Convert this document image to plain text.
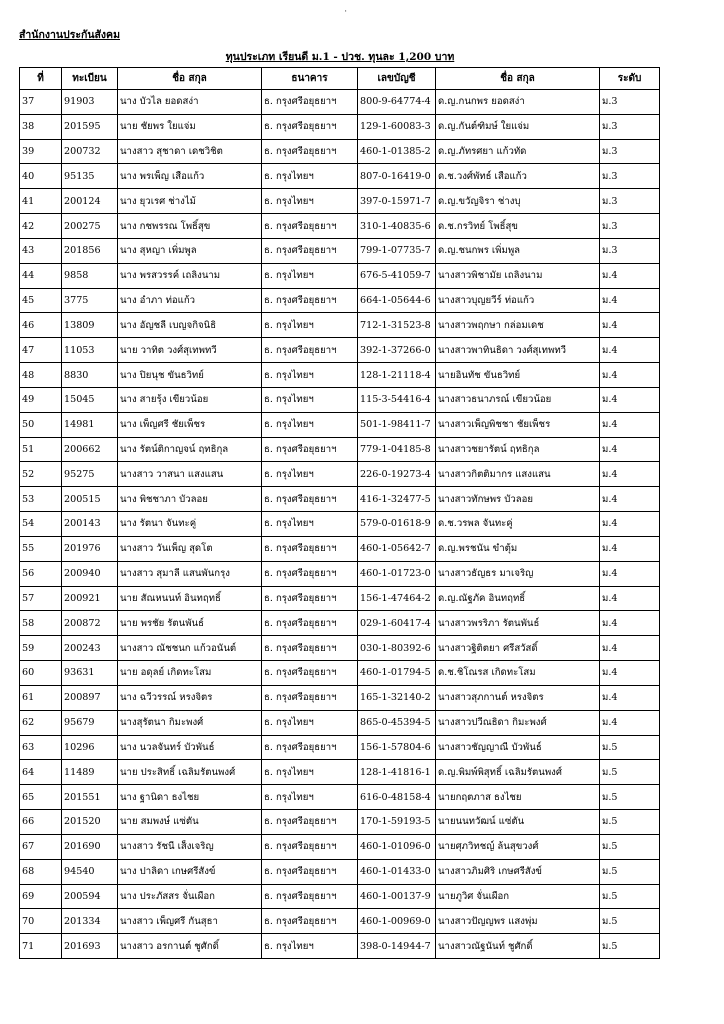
'
สำนักงานประกันสังคม
ทุนประเภท เรียนดี ม.1 - ปวช. ทุนละ 1,200 บาท
ที่	ทะเบียน	ชื่อ สกุล	ธนาคาร	เลขบัญชี	ชื่อ สกุล	ระดับ
37	91903	นาง บัวไล ยอดสง่า	ธ. กรุงศรีอยุธยาฯ	800-9-64774-4	ด.ญ.กนกพร ยอดสง่า	ม.3
38	201595	นาย ชัยพร ใยแจ่ม	ธ. กรุงศรีอยุธยาฯ	129-1-60083-3	ด.ญ.กันต์ฑิมษ์ ใยแจ่ม	ม.3
39	200732	นางสาว สุชาดา เดชวิชิต	ธ. กรุงศรีอยุธยาฯ	460-1-01385-2	ด.ญ.ภัทรศยา แก้วทัด	ม.3
40	95135	นาง พรเพ็ญ เสือแก้ว	ธ. กรุงไทยฯ	807-0-16419-0	ด.ช.วงศ์พัทธ์ เสือแก้ว	ม.3
41	200124	นาง ยุวเรศ ช่างไม้	ธ. กรุงไทยฯ	397-0-15971-7	ด.ญ.ขวัญจิรา ช่างบุ	ม.3
42	200275	นาง กชพรรณ โพธิ์สุข	ธ. กรุงศรีอยุธยาฯ	310-1-40835-6	ด.ช.กรวิทย์ โพธิ์สุข	ม.3
43	201856	นาง สุหญา เพิ่มพูล	ธ. กรุงศรีอยุธยาฯ	799-1-07735-7	ด.ญ.ชนกพร เพิ่มพูล	ม.3
44	9858	นาง พรสวรรค์ เถลิงนาม	ธ. กรุงไทยฯ	676-5-41059-7	นางสาวพิชามัย เถลิงนาม	ม.4
45	3775	นาง อำภา ท่อแก้ว	ธ. กรุงศรีอยุธยาฯ	664-1-05644-6	นางสาวบุญยวีร์ ท่อแก้ว	ม.4
46	13809	นาง อัญชลี เบญจกิจนิธิ	ธ. กรุงไทยฯ	712-1-31523-8	นางสาวพฤกษา กล่อมเดช	ม.4
47	11053	นาย วาทิต วงศ์สุเทพทวี	ธ. กรุงศรีอยุธยาฯ	392-1-37266-0	นางสาวพาทินธิดา วงศ์สุเทพทวี	ม.4
48	8830	นาง ปิยนุช ขันธวิทย์	ธ. กรุงไทยฯ	128-1-21118-4	นายอินทัช ขันธวิทย์	ม.4
49	15045	นาง สายรุ้ง เขียวน้อย	ธ. กรุงไทยฯ	115-3-54416-4	นางสาวธนาภรณ์ เขียวน้อย	ม.4
50	14981	นาง เพ็ญศรี ชัยเพ็ชร	ธ. กรุงไทยฯ	501-1-98411-7	นางสาวเพ็ญพิชชา ชัยเพ็ชร	ม.4
51	200662	นาง รัตน์ติกาญจน์ ฤทธิกุล	ธ. กรุงศรีอยุธยาฯ	779-1-04185-8	นางสาวชยารัตน์ ฤทธิกุล	ม.4
52	95275	นางสาว วาสนา แสงแสน	ธ. กรุงไทยฯ	226-0-19273-4	นางสาวกิตติมากร แสงแสน	ม.4
53	200515	นาง พิชชาภา บัวลอย	ธ. กรุงศรีอยุธยาฯ	416-1-32477-5	นางสาวทักษพร บัวลอย	ม.4
54	200143	นาง รัตนา จันทะคู่	ธ. กรุงไทยฯ	579-0-01618-9	ด.ช.วรพล จันทะคู่	ม.4
55	201976	นางสาว วันเพ็ญ สุดโต	ธ. กรุงศรีอยุธยาฯ	460-1-05642-7	ด.ญ.พรชนัน ขำตุ้ม	ม.4
56	200940	นางสาว สุมาลี แสนพันกรุง	ธ. กรุงศรีอยุธยาฯ	460-1-01723-0	นางสาวธัญธร มาเจริญ	ม.4
57	200921	นาย สัณหนนท์ อินทฤทธิ์	ธ. กรุงศรีอยุธยาฯ	156-1-47464-2	ด.ญ.ณัฐภัค อินทฤทธิ์	ม.4
58	200872	นาย พรชัย รัตนพันธ์	ธ. กรุงศรีอยุธยาฯ	029-1-60417-4	นางสาวพรริภา รัตนพันธ์	ม.4
59	200243	นางสาว ณัชชนก แก้วอนันต์	ธ. กรุงศรีอยุธยาฯ	030-1-80392-6	นางสาวฐิติตยา ศรีสวัสดิ์	ม.4
60	93631	นาย อดุลย์ เกิดทะโสม	ธ. กรุงศรีอยุธยาฯ	460-1-01794-5	ด.ช.ชิโณรส เกิดทะโสม	ม.4
61	200897	นาง ฉวีวรรณ์ หรงจิตร	ธ. กรุงศรีอยุธยาฯ	165-1-32140-2	นางสาวสุภกานต์ หรงจิตร	ม.4
62	95679	นางสุรัตนา กิมะพงศ์	ธ. กรุงไทยฯ	865-0-45394-5	นางสาวปวีณธิดา กิมะพงศ์	ม.4
63	10296	นาง นวลจันทร์ บัวพันธ์	ธ. กรุงศรีอยุธยาฯ	156-1-57804-6	นางสาวชัญญาณี บัวพันธ์	ม.5
64	11489	นาย ประสิทธิ์ เฉลิมรัตนพงศ์	ธ. กรุงไทยฯ	128-1-41816-1	ด.ญ.พิมพ์พิสุทธิ์ เฉลิมรัตนพงศ์	ม.5
65	201551	นาง ฐานิดา ธงไชย	ธ. กรุงไทยฯ	616-0-48158-4	นายกฤตภาส ธงไชย	ม.5
66	201520	นาย สมพงษ์ แซ่ตัน	ธ. กรุงศรีอยุธยาฯ	170-1-59193-5	นายนนทวัฒน์ แซ่ตัน	ม.5
67	201690	นางสาว รัชนี เส็งเจริญ	ธ. กรุงศรีอยุธยาฯ	460-1-01096-0	นายศุภวิทชญ์ ล้นสุขวงศ์	ม.5
68	94540	นาง ปาลิดา เกษศรีสังข์	ธ. กรุงศรีอยุธยาฯ	460-1-01433-0	นางสาวภิมศิริ เกษศรีสังข์	ม.5
69	200594	นาง ประภัสสร จั่นเผือก	ธ. กรุงศรีอยุธยาฯ	460-1-00137-9	นายภูวิศ จั่นเผือก	ม.5
70	201334	นางสาว เพ็ญศรี กันสุธา	ธ. กรุงศรีอยุธยาฯ	460-1-00969-0	นางสาวปัญญพร แสงพุ่ม	ม.5
71	201693	นางสาว อรกานต์ ชูศักดิ์	ธ. กรุงไทยฯ	398-0-14944-7	นางสาวณัฐนันท์ ชูศักดิ์	ม.5
